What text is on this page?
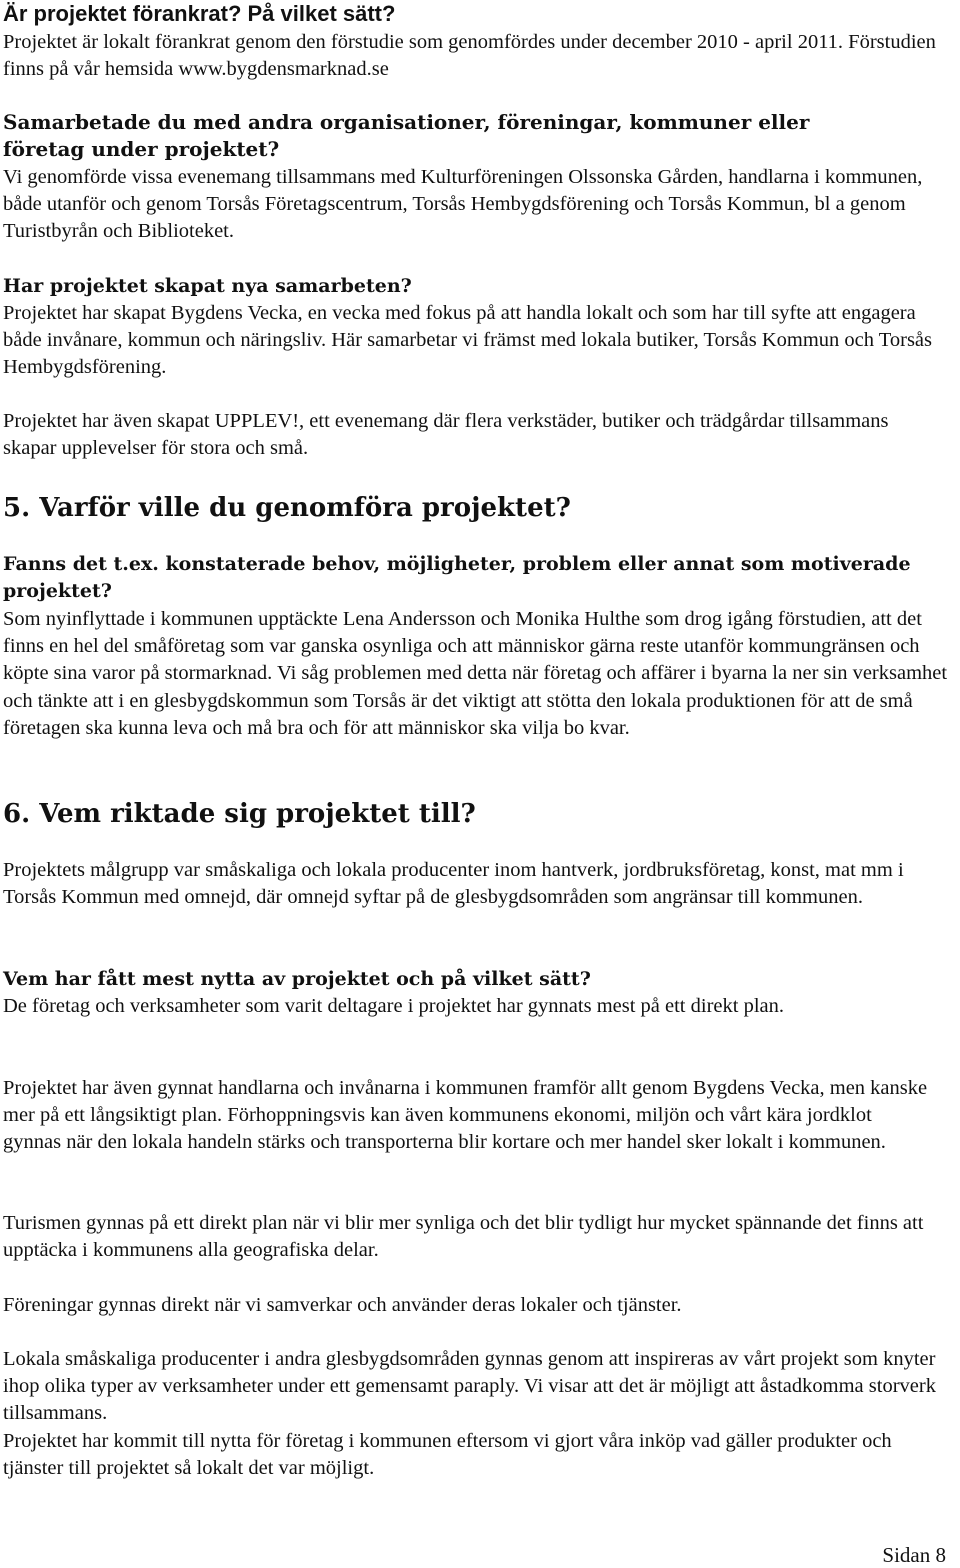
Är projektet förankrat? På vilket sätt?

Projektet är lokalt förankrat genom den förstudie som genomfördes under december 2010 - april 2011. Förstudien finns på vår hemsida www.bygdensmarknad.se

Samarbetade du med andra organisationer, föreningar, kommuner eller företag under projektet?

Vi genomförde vissa evenemang tillsammans med Kulturföreningen Olssonska Gården, handlarna i kommunen, både utanför och genom Torsås Företagscentrum, Torsås Hembygdsförening och Torsås Kommun, bl a genom Turistbyrån och Biblioteket.

Har projektet skapat nya samarbeten?

Projektet har skapat Bygdens Vecka, en vecka med fokus på att handla lokalt och som har till syfte att engagera både invånare, kommun och näringsliv. Här samarbetar vi främst med lokala butiker, Torsås Kommun och Torsås Hembygdsförening.

Projektet har även skapat UPPLEV!, ett evenemang där flera verkstäder, butiker och trädgårdar tillsammans skapar upplevelser för stora och små.

5. Varför ville du genomföra projektet?
Fanns det t.ex. konstaterade behov, möjligheter, problem eller annat som motiverade projektet?

Som nyinflyttade i kommunen upptäckte Lena Andersson och Monika Hulthe som drog igång förstudien, att det finns en hel del småföretag som var ganska osynliga och att människor gärna reste utanför kommungränsen och köpte sina varor på stormarknad. Vi såg problemen med detta när företag och affärer i byarna la ner sin verksamhet och tänkte att i en glesbygdskommun som Torsås är det viktigt att stötta den lokala produktionen för att de små företagen ska kunna leva och må bra och för att människor ska vilja bo kvar.

6. Vem riktade sig projektet till?

Projektets målgrupp var småskaliga och lokala producenter inom hantverk, jordbruksföretag, konst, mat mm i Torsås Kommun med omnejd, där omnejd syftar på de glesbygdsområden som angränsar till kommunen.

Vem har fått mest nytta av projektet och på vilket sätt?

De företag och verksamheter som varit deltagare i projektet har gynnats mest på ett direkt plan.

Projektet har även gynnat handlarna och invånarna i kommunen framför allt genom Bygdens Vecka, men kanske mer på ett långsiktigt plan. Förhoppningsvis kan även kommunens ekonomi, miljön och vårt kära jordklot gynnas när den lokala handeln stärks och transporterna blir kortare och mer handel sker lokalt i kommunen.

Turismen gynnas på ett direkt plan när vi blir mer synliga och det blir tydligt hur mycket spännande det finns att upptäcka i kommunens alla geografiska delar.

Föreningar gynnas direkt när vi samverkar och använder deras lokaler och tjänster.

Lokala småskaliga producenter i andra glesbygdsområden gynnas genom att inspireras av vårt projekt som knyter ihop olika typer av verksamheter under ett gemensamt paraply. Vi visar att det är möjligt att åstadkomma storverk tillsammans.

Projektet har kommit till nytta för företag i kommunen eftersom vi gjort våra inköp vad gäller produkter och tjänster till projektet så lokalt det var möjligt.

Sidan 8
